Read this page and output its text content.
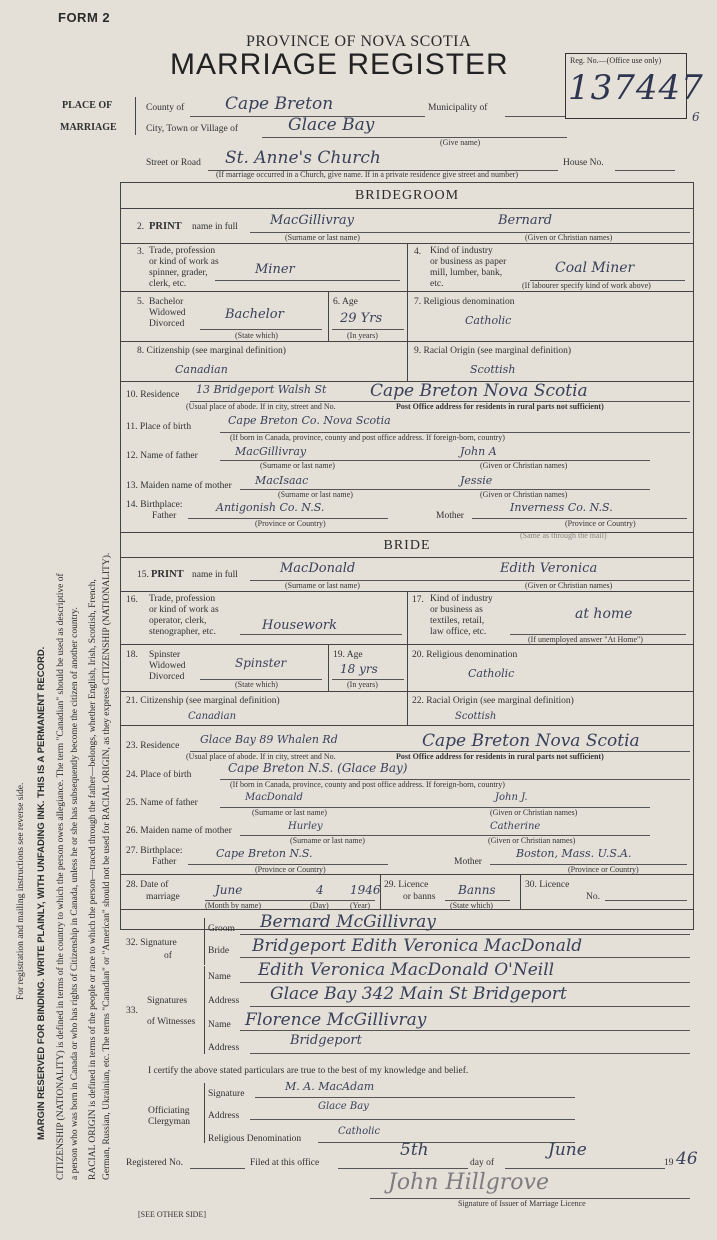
For registration and mailing instructions see reverse side. MARGIN RESERVED FOR BINDING. WRITE PLAINLY, WITH UNFADING INK. THIS IS A PERMANENT RECORD. CITIZENSHIP (NATIONALITY) is defined in terms of the country to which the person owes allegiance. The term "Canadian" should be used as descriptive of a person who was born in Canada or who has rights of Citizenship in Canada, unless he or she has subsequently become the citizen of another country. RACIAL ORIGIN is defined in terms of the people or race to which the person—traced through the father—belongs, whether English, Irish, Scottish, French, German, Russian, Ukrainian, etc. The terms "Canadian" or "American" should not be used for RACIAL ORIGIN, as they express CITIZENSHIP (NATIONALITY).
FORM 2
PROVINCE OF NOVA SCOTIA
MARRIAGE REGISTER	Reg. No.—(Office use only)
137447
6
PLACE OF
MARRIAGE
County of Cape Breton	Municipality of
City, Town or Village of	Glace Bay
(Give name)
Street or Road St. Anne's Church	House No.
(If marriage occurred in a Church, give name. If in a private residence give street and number)
BRIDEGROOM
2. PRINT name in full MacGillivray	Bernard
(Surname or last name)	(Given or Christian names)
3. Trade, profession
or kind of work as
spinner, grader,
clerk, etc.
Miner
4. Kind of industry
or business as paper
mill, lumber, bank,
etc.
Coal Miner
(If labourer specify kind of work above)
5. Bachelor
Widowed
Divorced
Bachelor
(State which)
6. Age
29 Yrs
(In years)
7. Religious denomination
Catholic
8. Citizenship (see marginal definition)
Canadian
9. Racial Origin (see marginal definition)
Scottish
10. Residence 13 Bridgeport Walsh St	Cape Breton Nova Scotia
(Usual place of abode. If in city, street and No.	Post Office address for residents in rural parts not sufficient)
11. Place of birth	Cape Breton Co. Nova Scotia
(If born in Canada, province, county and post office address. If foreign-born, country)
12. Name of father	MacGillivray	John A
(Surname or last name)	(Given or Christian names)
13. Maiden name of mother MacIsaac	Jessie
(Surname or last name)	(Given or Christian names)
14. Birthplace:
Father
Antigonish Co. N.S.
(Province or Country)
Mother
Inverness Co. N.S.
(Province or Country)
(Same as through the mail)
BRIDE
15. PRINT name in full	MacDonald	Edith Veronica
(Surname or last name)	(Given or Christian names)
16. Trade, profession
or kind of work as
operator, clerk,
stenographer, etc.	Housework
17. Kind of industry
or business as
textiles, retail,
law office, etc.
at home
(If unemployed answer "At Home")
18. Spinster
Widowed
Divorced
Spinster
(State which)
19. Age
18 yrs
(In years)
20. Religious denomination
Catholic
21. Citizenship (see marginal definition)
Canadian
22. Racial Origin (see marginal definition)
Scottish
23. Residence Glace Bay 89 Whalen Rd	Cape Breton Nova Scotia
(Usual place of abode. If in city, street and No.	Post Office address for residents in rural parts not sufficient)
24. Place of birth	Cape Breton N.S. (Glace Bay)
(If born in Canada, province, county and post office address. If foreign-born, country)
25. Name of father	MacDonald	John J.
(Surname or last name)	(Given or Christian names)
26. Maiden name of mother	Hurley	Catherine
(Surname or last name)	(Given or Christian names)
27. Birthplace:
Father
Cape Breton N.S.
(Province or Country)
Mother
Boston, Mass. U.S.A.
(Province or Country)
28. Date of
marriage	June	4 1946
(Month by name)	(Day)	(Year)
29. Licence
or banns Banns
(State which)
30. Licence
No.
32. Signature
of
Groom Bernard McGillivray
Bride Bridgeport Edith Veronica MacDonald
33.
Signatures
of Witnesses
Name Edith Veronica MacDonald O'Neill
Address Glace Bay 342 Main St Bridgeport
Name Florence McGillivray
Address	Bridgeport
I certify the above stated particulars are true to the best of my knowledge and belief.
Officiating
Clergyman
Signature
M. A. MacAdam
Address
Glace Bay
Religious Denomination
Catholic
Registered No.	Filed at this office
5th
day of
June
19 46
John Hillgrove
Signature of Issuer of Marriage Licence
[SEE OTHER SIDE]
